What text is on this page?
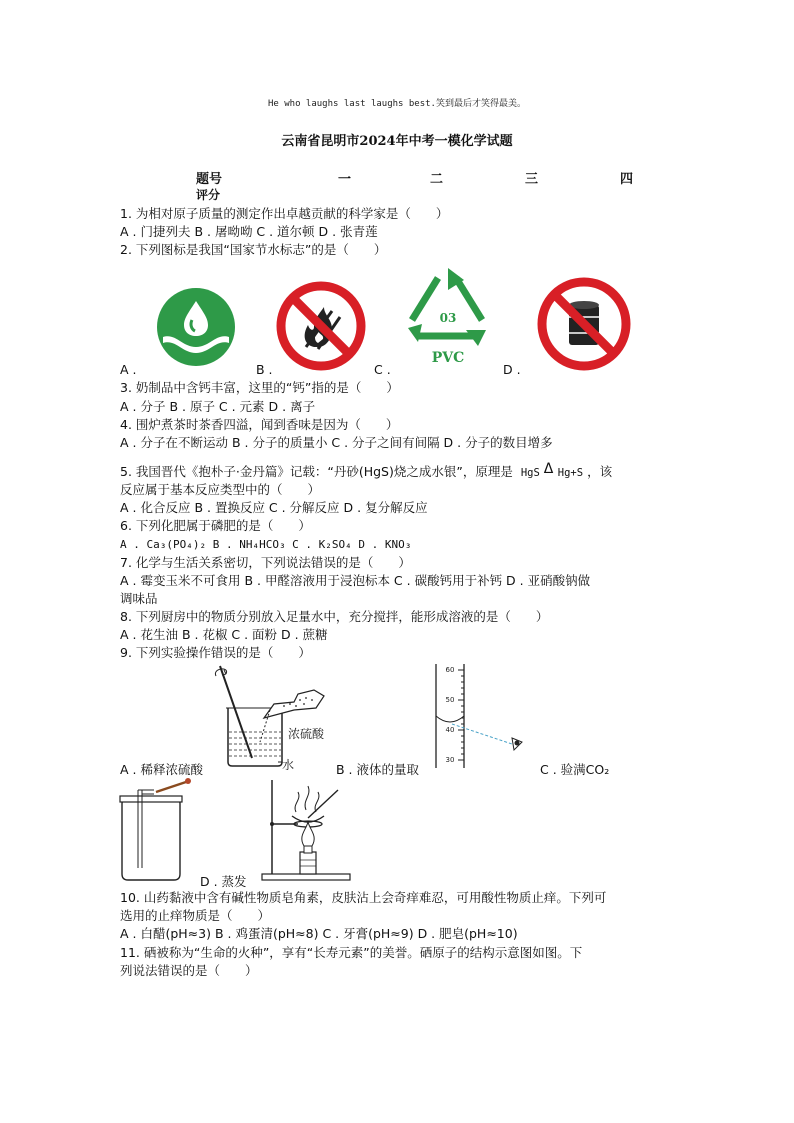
He who laughs last laughs best.笑到最后才笑得最美。
云南省昆明市2024年中考一模化学试题
题号	一	二	三	四
评分
1. 为相对原子质量的测定作出卓越贡献的科学家是（　　）
A . 门捷列夫 B . 屠呦呦 C . 道尔顿 D . 张青莲
2. 下列图标是我国“国家节水标志”的是（　　）
A .	B .
03
PVC
C .	D .
3. 奶制品中含钙丰富，这里的“钙”指的是（　　）
A . 分子 B . 原子 C . 元素 D . 离子
4. 围炉煮茶时茶香四溢，闻到香味是因为（　　）
A . 分子在不断运动 B . 分子的质量小 C . 分子之间有间隔 D . 分子的数目增多
5. 我国晋代《抱朴子·金丹篇》记载：“丹砂(HgS)烧之成水银”，原理是 HgS Δ Hg+S ，该
反应属于基本反应类型中的（　　）
A . 化合反应 B . 置换反应 C . 分解反应 D . 复分解反应
6. 下列化肥属于磷肥的是（　　）
A . Ca₃(PO₄)₂ B . NH₄HCO₃ C . K₂SO₄ D . KNO₃
7. 化学与生活关系密切，下列说法错误的是（　　）
A . 霉变玉米不可食用 B . 甲醛溶液用于浸泡标本 C . 碳酸钙用于补钙 D . 亚硝酸钠做
调味品
8. 下列厨房中的物质分别放入足量水中，充分搅拌，能形成溶液的是（　　）
A . 花生油 B . 花椒 C . 面粉 D . 蔗糖
9. 下列实验操作错误的是（　　）
浓硫酸
水
A . 稀释浓硫酸
60
50
40
30
B . 液体的量取	C . 验满CO₂
D . 蒸发
10. 山药黏液中含有碱性物质皂角素，皮肤沾上会奇痒难忍，可用酸性物质止痒。下列可
选用的止痒物质是（　　）
A . 白醋(pH≈3) B . 鸡蛋清(pH≈8) C . 牙膏(pH≈9) D . 肥皂(pH≈10)
11. 硒被称为“生命的火种”，享有“长寿元素”的美誉。硒原子的结构示意图如图。下
列说法错误的是（　　）
